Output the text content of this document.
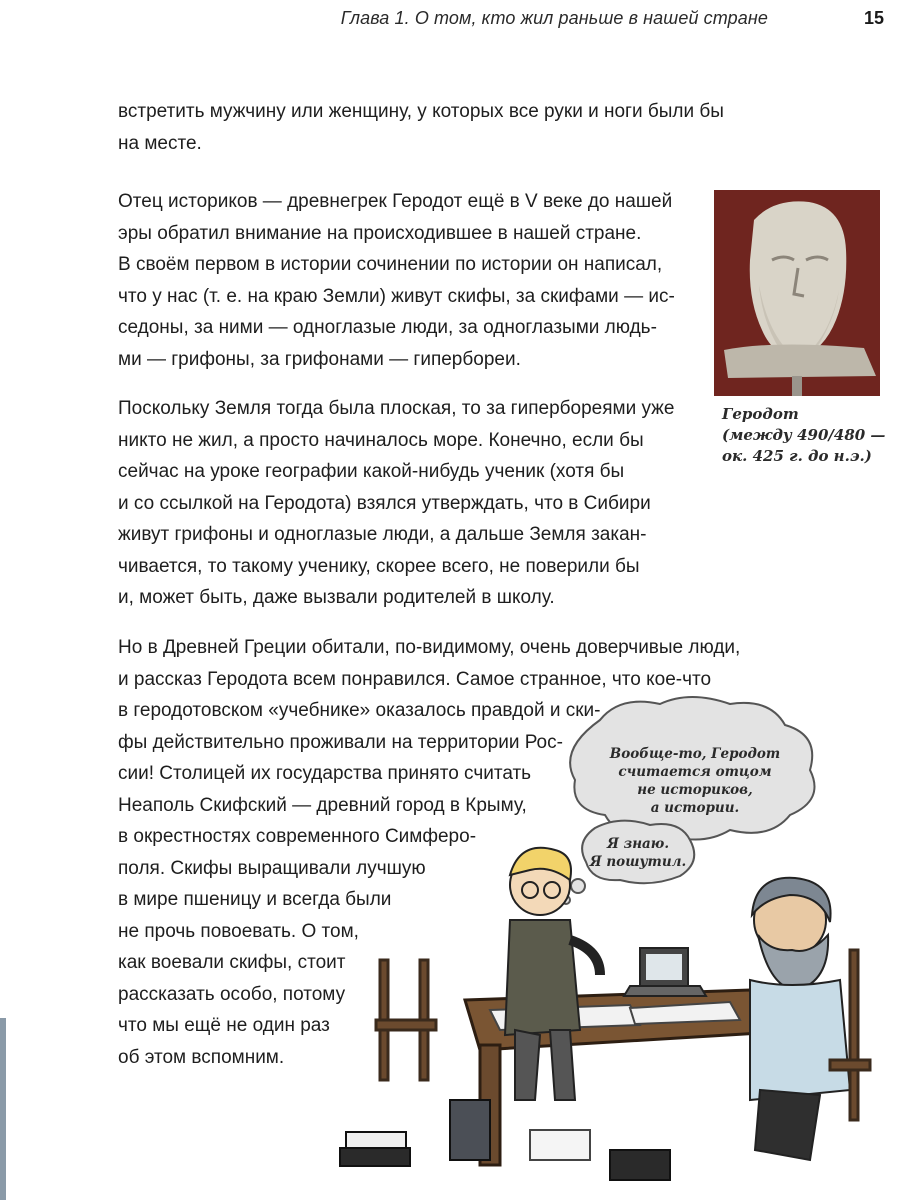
Глава 1. О том, кто жил раньше в нашей стране	15

встретить мужчину или женщину, у которых все руки и ноги были бы
на месте.

Отец историков — древнегрек Геродот ещё в V веке до нашей
эры обратил внимание на происходившее в нашей стране.
В своём первом в истории сочинении по истории он написал,
что у нас (т. е. на краю Земли) живут скифы, за скифами — ис-
седоны, за ними — одноглазые люди, за одноглазыми людь-
ми — грифоны, за грифонами — гипербореи.

Поскольку Земля тогда была плоская, то за гипербореями уже
никто не жил, а просто начиналось море. Конечно, если бы
сейчас на уроке географии какой-нибудь ученик (хотя бы
и со ссылкой на Геродота) взялся утверждать, что в Сибири
живут грифоны и одноглазые люди, а дальше Земля закан-
чивается, то такому ученику, скорее всего, не поверили бы
и, может быть, даже вызвали родителей в школу.

Но в Древней Греции обитали, по-видимому, очень доверчивые люди,
и рассказ Геродота всем понравился. Самое странное, что кое-что
в геродотовском «учебнике» оказалось правдой и ски-
фы действительно проживали на территории Рос-
сии! Столицей их государства принято считать
Неаполь Скифский — древний город в Крыму,
в окрестностях современного Симферо-
поля. Скифы выращивали лучшую
в мире пшеницу и всегда были
не прочь повоевать. О том,
как воевали скифы, стоит
рассказать особо, потому
что мы ещё не один раз
об этом вспомним.

Геродот
(между 490/480 —
ок. 425 г. до н.э.)
Вообще-то, Геродот
считается отцом
не историков,
а истории.
Я знаю.
Я пошутил.
